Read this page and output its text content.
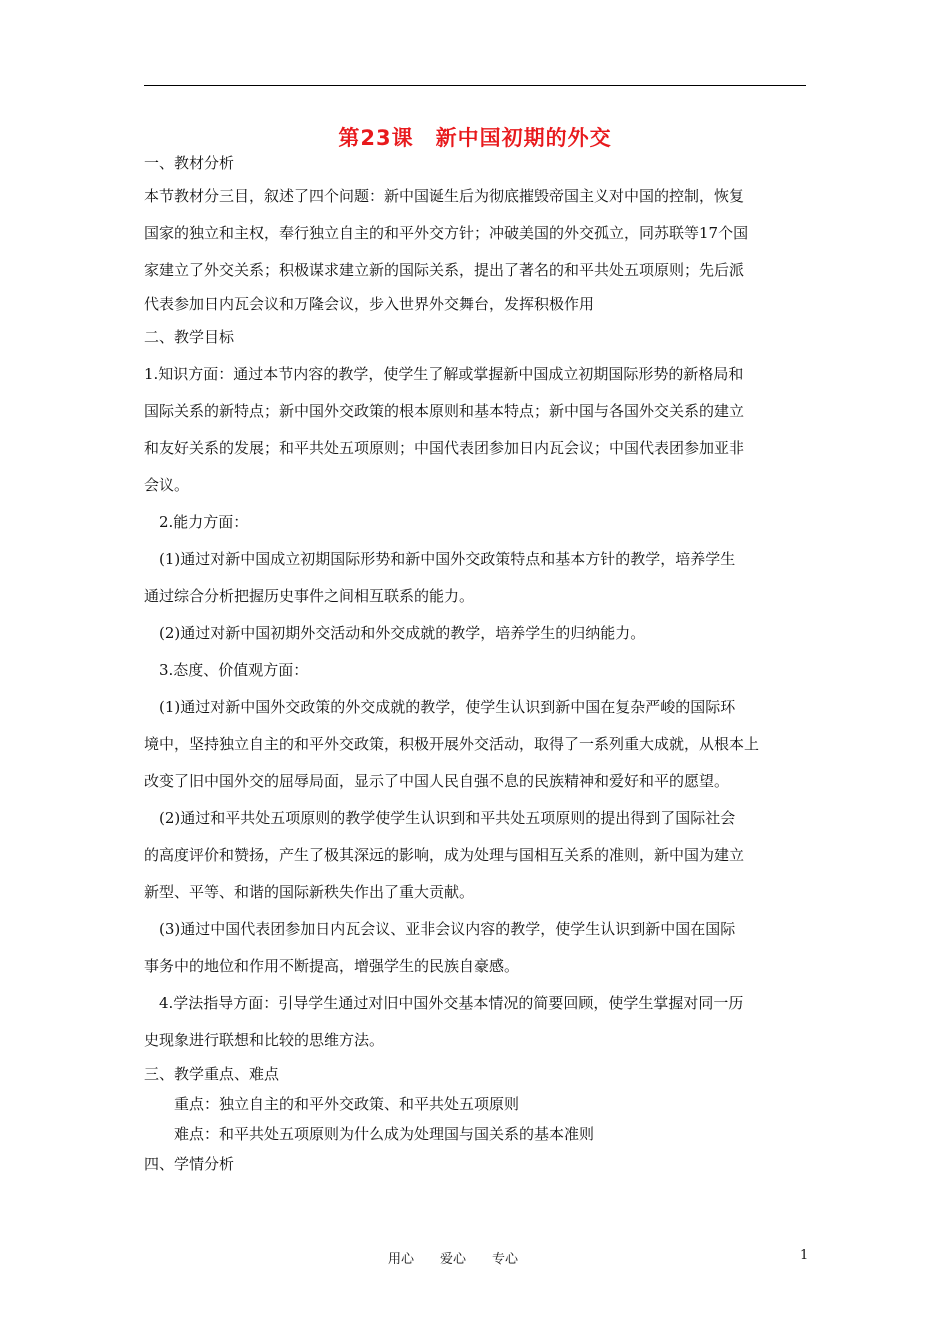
第23课　新中国初期的外交
一、教材分析
本节教材分三目，叙述了四个问题：新中国诞生后为彻底摧毁帝国主义对中国的控制，恢复
国家的独立和主权，奉行独立自主的和平外交方针；冲破美国的外交孤立，同苏联等17个国
家建立了外交关系；积极谋求建立新的国际关系，提出了著名的和平共处五项原则；先后派
代表参加日内瓦会议和万隆会议，步入世界外交舞台，发挥积极作用
二、教学目标
1.知识方面：通过本节内容的教学，使学生了解或掌握新中国成立初期国际形势的新格局和
国际关系的新特点；新中国外交政策的根本原则和基本特点；新中国与各国外交关系的建立
和友好关系的发展；和平共处五项原则；中国代表团参加日内瓦会议；中国代表团参加亚非
会议。
2.能力方面：
(1)通过对新中国成立初期国际形势和新中国外交政策特点和基本方针的教学，培养学生
通过综合分析把握历史事件之间相互联系的能力。
(2)通过对新中国初期外交活动和外交成就的教学，培养学生的归纳能力。
3.态度、价值观方面：
(1)通过对新中国外交政策的外交成就的教学，使学生认识到新中国在复杂严峻的国际环
境中，坚持独立自主的和平外交政策，积极开展外交活动，取得了一系列重大成就，从根本上
改变了旧中国外交的屈辱局面，显示了中国人民自强不息的民族精神和爱好和平的愿望。
(2)通过和平共处五项原则的教学使学生认识到和平共处五项原则的提出得到了国际社会
的高度评价和赞扬，产生了极其深远的影响，成为处理与国相互关系的准则，新中国为建立
新型、平等、和谐的国际新秩失作出了重大贡献。
(3)通过中国代表团参加日内瓦会议、亚非会议内容的教学，使学生认识到新中国在国际
事务中的地位和作用不断提高，增强学生的民族自豪感。
4.学法指导方面：引导学生通过对旧中国外交基本情况的简要回顾，使学生掌握对同一历
史现象进行联想和比较的思维方法。
三、教学重点、难点
重点：独立自主的和平外交政策、和平共处五项原则
难点：和平共处五项原则为什么成为处理国与国关系的基本准则
四、学情分析
用心　　爱心　　专心	1
